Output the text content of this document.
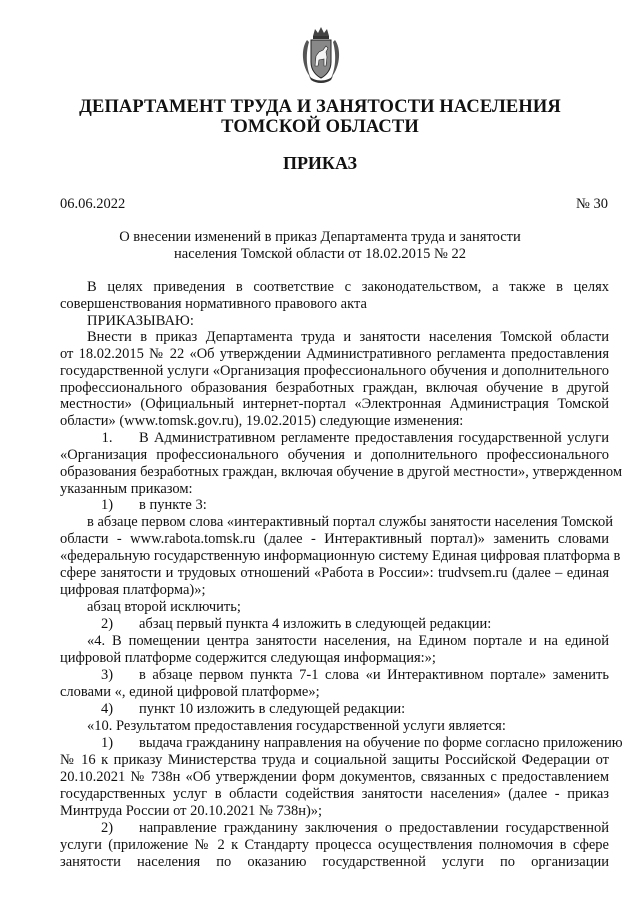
ДЕПАРТАМЕНТ ТРУДА И ЗАНЯТОСТИ НАСЕЛЕНИЯ
ТОМСКОЙ ОБЛАСТИ
ПРИКАЗ
06.06.2022	№ 30
О внесении изменений в приказ Департамента труда и занятости
населения Томской области от 18.02.2015 № 22
В целях приведения в соответствие с законодательством, а также в целях
совершенствования нормативного правового акта
ПРИКАЗЫВАЮ:
Внести в приказ Департамента труда и занятости населения Томской области
от 18.02.2015 № 22 «Об утверждении Административного регламента предоставления
государственной услуги «Организация профессионального обучения и дополнительного
профессионального образования безработных граждан, включая обучение в другой
местности» (Официальный интернет-портал «Электронная Администрация Томской
области» (www.tomsk.gov.ru), 19.02.2015) следующие изменения:
1.	В Административном регламенте предоставления государственной услуги
«Организация профессионального обучения и дополнительного профессионального
образования безработных граждан, включая обучение в другой местности», утвержденном
указанным приказом:
1)	в пункте 3:
в абзаце первом слова «интерактивный портал службы занятости населения Томской
области - www.rabota.tomsk.ru (далее - Интерактивный портал)» заменить словами
«федеральную государственную информационную систему Единая цифровая платформа в
сфере занятости и трудовых отношений «Работа в России»: trudvsem.ru (далее – единая
цифровая платформа)»;
абзац второй исключить;
2)	абзац первый пункта 4 изложить в следующей редакции:
«4. В помещении центра занятости населения, на Едином портале и на единой
цифровой платформе содержится следующая информация:»;
3)	в абзаце первом пункта 7-1 слова «и Интерактивном портале» заменить
словами «, единой цифровой платформе»;
4)	пункт 10 изложить в следующей редакции:
«10. Результатом предоставления государственной услуги является:
1)	выдача гражданину направления на обучение по форме согласно приложению
№ 16 к приказу Министерства труда и социальной защиты Российской Федерации от
20.10.2021 № 738н «Об утверждении форм документов, связанных с предоставлением
государственных услуг в области содействия занятости населения» (далее - приказ
Минтруда России от 20.10.2021 № 738н)»;
2)	направление гражданину заключения о предоставлении государственной
услуги (приложение № 2 к Стандарту процесса осуществления полномочия в сфере
занятости населения по оказанию государственной услуги по организации
